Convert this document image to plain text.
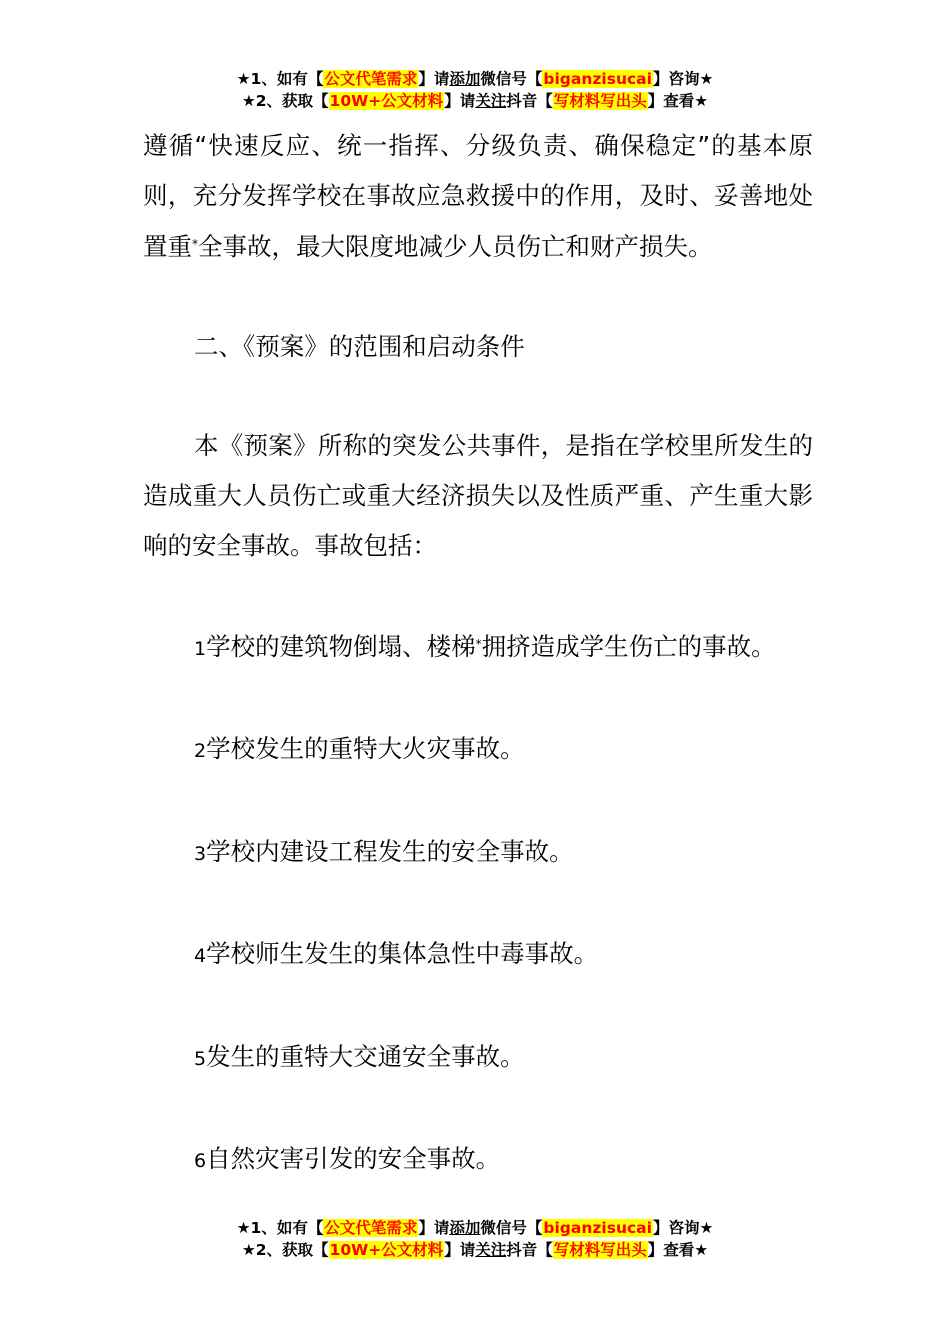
★1、如有【公文代笔需求】请添加微信号【biganzisucai】咨询★
★2、获取【10W+公文材料】请关注抖音【写材料写出头】查看★

遵循“快速反应、统一指挥、分级负责、确保稳定”的基本原则，充分发挥学校在事故应急救援中的作用，及时、妥善地处置重*全事故，最大限度地减少人员伤亡和财产损失。

二、《预案》的范围和启动条件

本《预案》所称的突发公共事件，是指在学校里所发生的造成重大人员伤亡或重大经济损失以及性质严重、产生重大影响的安全事故。事故包括：

1学校的建筑物倒塌、楼梯*拥挤造成学生伤亡的事故。

2学校发生的重特大火灾事故。

3学校内建设工程发生的安全事故。

4学校师生发生的集体急性中毒事故。

5发生的重特大交通安全事故。

6自然灾害引发的安全事故。

★1、如有【公文代笔需求】请添加微信号【biganzisucai】咨询★
★2、获取【10W+公文材料】请关注抖音【写材料写出头】查看★
